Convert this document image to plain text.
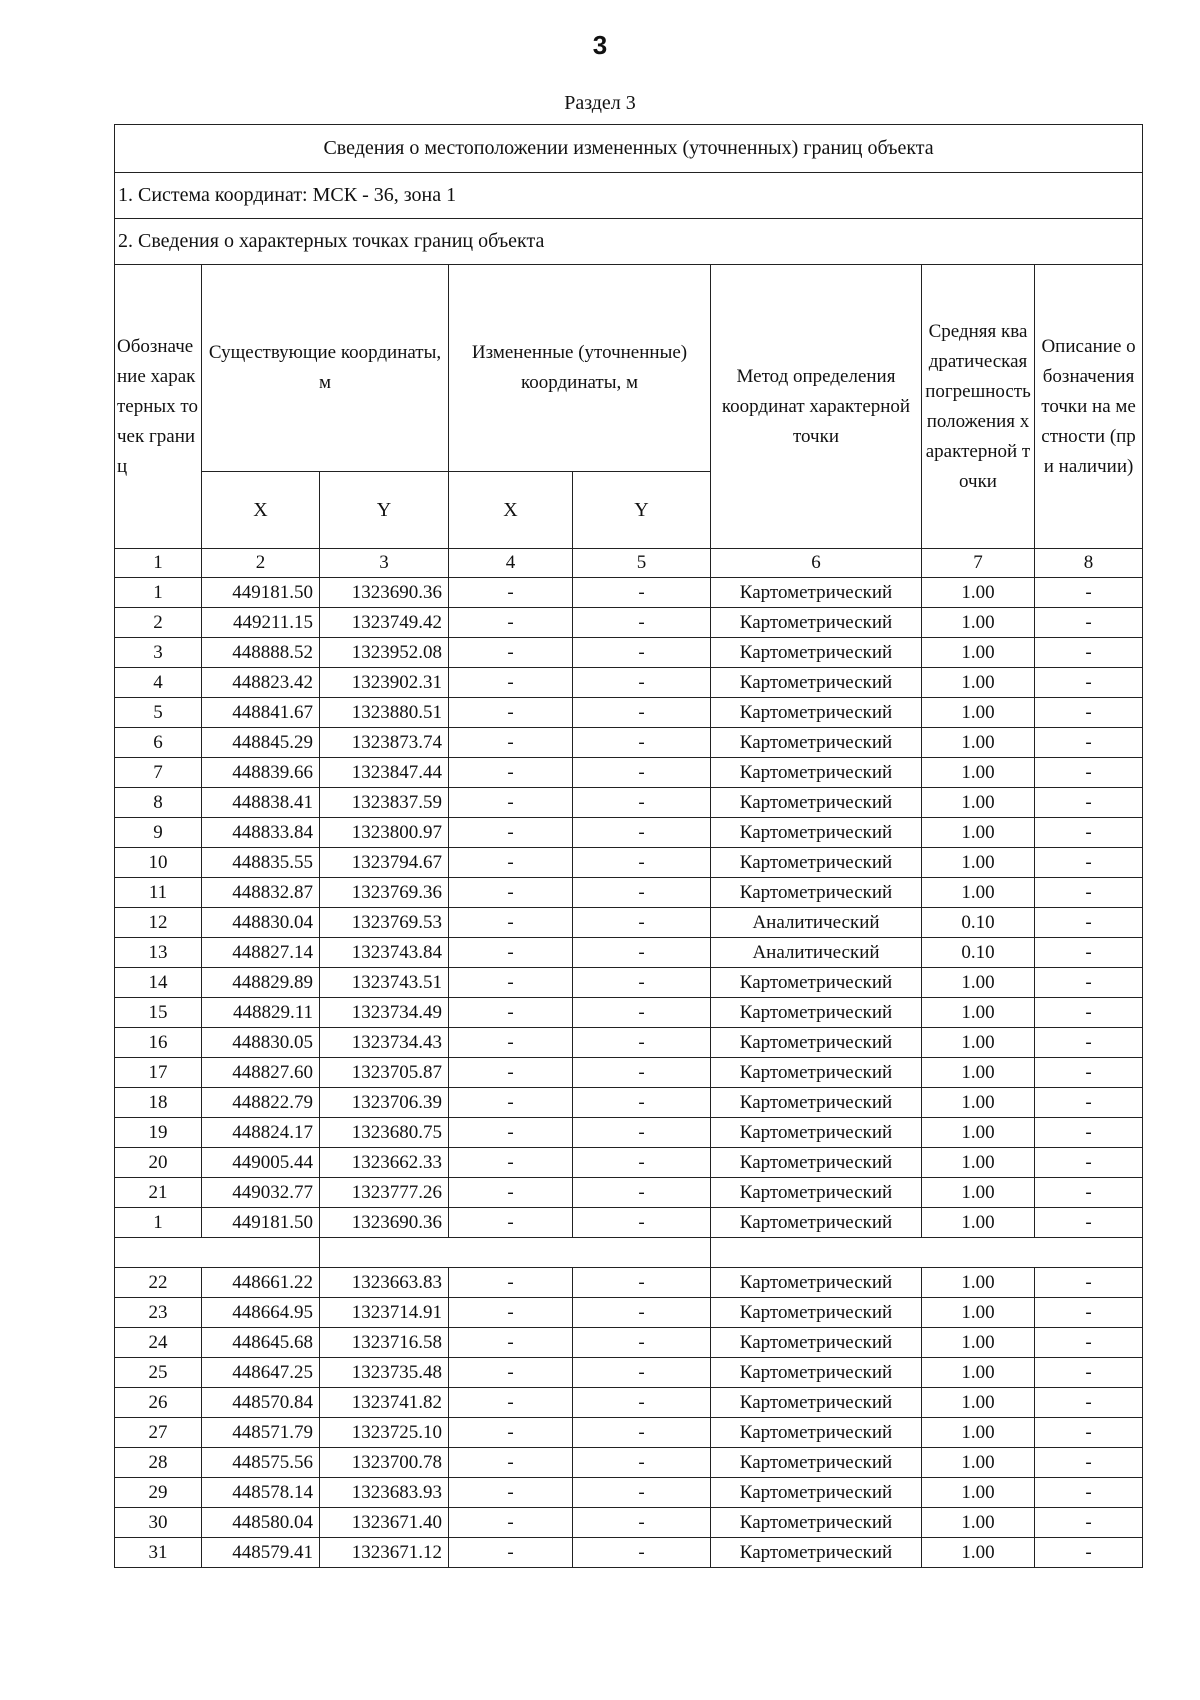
3
Раздел 3
Сведения о местоположении измененных (уточненных) границ объекта							
1. Система координат: МСК - 36, зона 1							
2. Сведения о характерных точках границ объекта							
Обозначение характерных точек границ	Существующие координаты, м		Измененные (уточненные) координаты, м		Метод определения координат характерной точки	Средняя квадратическая погрешность положения характерной точки	Описание обозначения точки на местности (при наличии)
	X	Y	X	Y			
1	2	3	4	5	6	7	8
1	449181.50	1323690.36	-	-	Картометрический	1.00	-
2	449211.15	1323749.42	-	-	Картометрический	1.00	-
3	448888.52	1323952.08	-	-	Картометрический	1.00	-
4	448823.42	1323902.31	-	-	Картометрический	1.00	-
5	448841.67	1323880.51	-	-	Картометрический	1.00	-
6	448845.29	1323873.74	-	-	Картометрический	1.00	-
7	448839.66	1323847.44	-	-	Картометрический	1.00	-
8	448838.41	1323837.59	-	-	Картометрический	1.00	-
9	448833.84	1323800.97	-	-	Картометрический	1.00	-
10	448835.55	1323794.67	-	-	Картометрический	1.00	-
11	448832.87	1323769.36	-	-	Картометрический	1.00	-
12	448830.04	1323769.53	-	-	Аналитический	0.10	-
13	448827.14	1323743.84	-	-	Аналитический	0.10	-
14	448829.89	1323743.51	-	-	Картометрический	1.00	-
15	448829.11	1323734.49	-	-	Картометрический	1.00	-
16	448830.05	1323734.43	-	-	Картометрический	1.00	-
17	448827.60	1323705.87	-	-	Картометрический	1.00	-
18	448822.79	1323706.39	-	-	Картометрический	1.00	-
19	448824.17	1323680.75	-	-	Картометрический	1.00	-
20	449005.44	1323662.33	-	-	Картометрический	1.00	-
21	449032.77	1323777.26	-	-	Картометрический	1.00	-
1	449181.50	1323690.36	-	-	Картометрический	1.00	-

22	448661.22	1323663.83	-	-	Картометрический	1.00	-
23	448664.95	1323714.91	-	-	Картометрический	1.00	-
24	448645.68	1323716.58	-	-	Картометрический	1.00	-
25	448647.25	1323735.48	-	-	Картометрический	1.00	-
26	448570.84	1323741.82	-	-	Картометрический	1.00	-
27	448571.79	1323725.10	-	-	Картометрический	1.00	-
28	448575.56	1323700.78	-	-	Картометрический	1.00	-
29	448578.14	1323683.93	-	-	Картометрический	1.00	-
30	448580.04	1323671.40	-	-	Картометрический	1.00	-
31	448579.41	1323671.12	-	-	Картометрический	1.00	-
